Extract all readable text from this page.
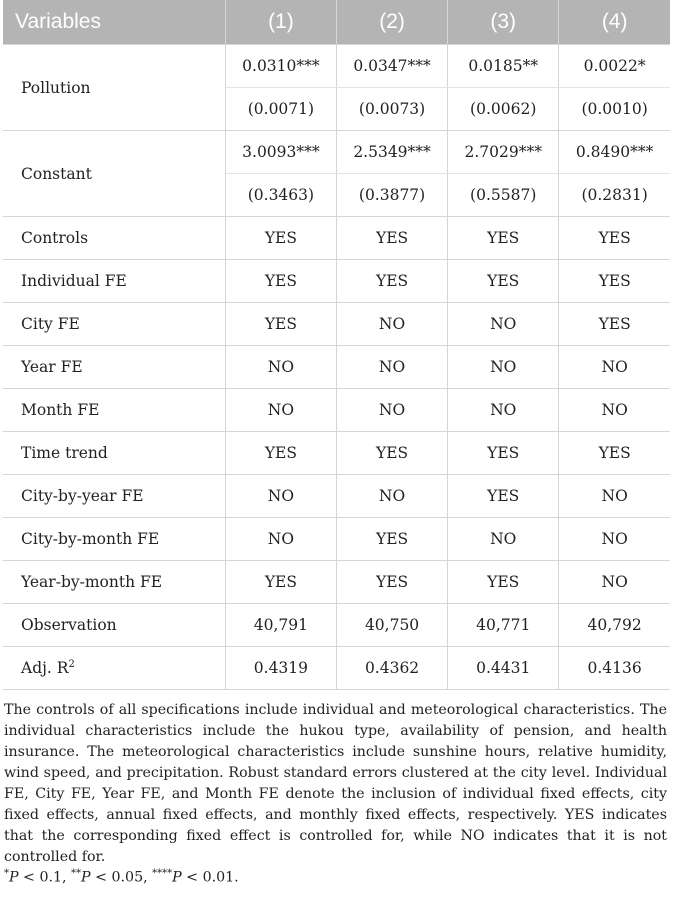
Variables	(1)	(2)	(3)	(4)
Pollution	0.0310***	0.0347***	0.0185**	0.0022*
	(0.0071)	(0.0073)	(0.0062)	(0.0010)
Constant	3.0093***	2.5349***	2.7029***	0.8490***
	(0.3463)	(0.3877)	(0.5587)	(0.2831)
Controls	YES	YES	YES	YES
Individual FE	YES	YES	YES	YES
City FE	YES	NO	NO	YES
Year FE	NO	NO	NO	NO
Month FE	NO	NO	NO	NO
Time trend	YES	YES	YES	YES
City-by-year FE	NO	NO	YES	NO
City-by-month FE	NO	YES	NO	NO
Year-by-month FE	YES	YES	YES	NO
Observation	40,791	40,750	40,771	40,792
Adj. $R^2$	0.4319	0.4362	0.4431	0.4136

The controls of all specifications include individual and meteorological characteristics. The individual characteristics include the hukou type, availability of pension, and health insurance. The meteorological characteristics include sunshine hours, relative humidity, wind speed, and precipitation. Robust standard errors clustered at the city level. Individual FE, City FE, Year FE, and Month FE denote the inclusion of individual fixed effects, city fixed effects, annual fixed effects, and monthly fixed effects, respectively. YES indicates that the corresponding fixed effect is controlled for, while NO indicates that it is not controlled for.

*P < 0.1, **P < 0.05, ****P < 0.01.
